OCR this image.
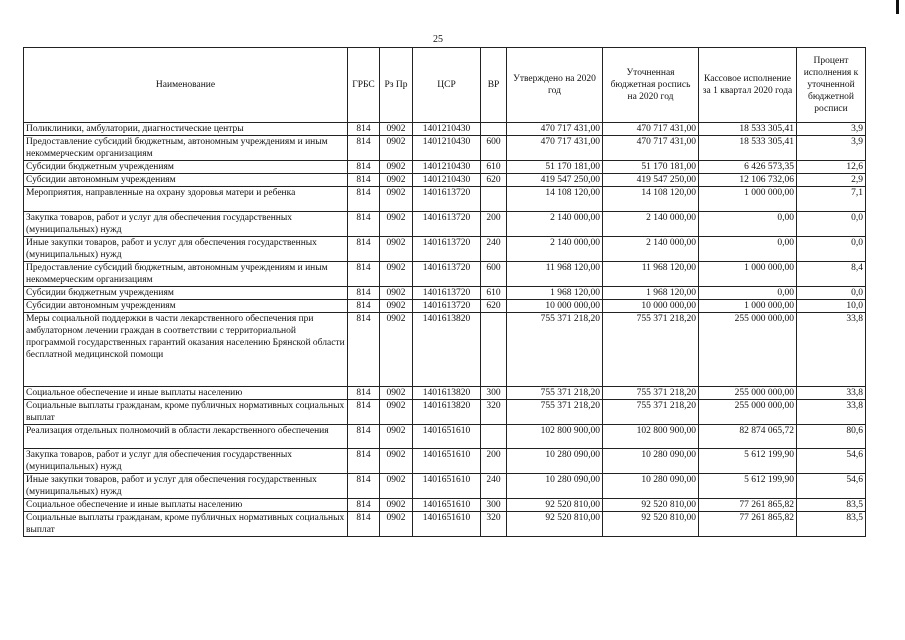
25
Наименование	ГРБС	Рз Пр	ЦСР	ВР	Утверждено на 2020 год	Уточненная бюджетная роспись на 2020 год	Кассовое исполнение за 1 квартал 2020 года	Процент исполнения к уточненной бюджетной росписи
Поликлиники, амбулатории, диагностические центры	814	0902	1401210430		470 717 431,00	470 717 431,00	18 533 305,41	3,9
Предоставление субсидий бюджетным, автономным учреждениям и иным некоммерческим организациям	814	0902	1401210430	600	470 717 431,00	470 717 431,00	18 533 305,41	3,9
Субсидии бюджетным учреждениям	814	0902	1401210430	610	51 170 181,00	51 170 181,00	6 426 573,35	12,6
Субсидии автономным учреждениям	814	0902	1401210430	620	419 547 250,00	419 547 250,00	12 106 732,06	2,9
Мероприятия, направленные на охрану здоровья матери и ребенка	814	0902	1401613720		14 108 120,00	14 108 120,00	1 000 000,00	7,1
Закупка товаров, работ и услуг для обеспечения государственных (муниципальных) нужд	814	0902	1401613720	200	2 140 000,00	2 140 000,00	0,00	0,0
Иные закупки товаров, работ и услуг для обеспечения государственных (муниципальных) нужд	814	0902	1401613720	240	2 140 000,00	2 140 000,00	0,00	0,0
Предоставление субсидий бюджетным, автономным учреждениям и иным некоммерческим организациям	814	0902	1401613720	600	11 968 120,00	11 968 120,00	1 000 000,00	8,4
Субсидии бюджетным учреждениям	814	0902	1401613720	610	1 968 120,00	1 968 120,00	0,00	0,0
Субсидии автономным учреждениям	814	0902	1401613720	620	10 000 000,00	10 000 000,00	1 000 000,00	10,0
Меры социальной поддержки в части лекарственного обеспечения при амбулаторном лечении граждан в соответствии с территориальной программой государственных гарантий оказания населению Брянской области бесплатной медицинской помощи	814	0902	1401613820		755 371 218,20	755 371 218,20	255 000 000,00	33,8
Социальное обеспечение и иные выплаты населению	814	0902	1401613820	300	755 371 218,20	755 371 218,20	255 000 000,00	33,8
Социальные выплаты гражданам, кроме публичных нормативных социальных выплат	814	0902	1401613820	320	755 371 218,20	755 371 218,20	255 000 000,00	33,8
Реализация отдельных полномочий в области лекарственного обеспечения	814	0902	1401651610		102 800 900,00	102 800 900,00	82 874 065,72	80,6
Закупка товаров, работ и услуг для обеспечения государственных (муниципальных) нужд	814	0902	1401651610	200	10 280 090,00	10 280 090,00	5 612 199,90	54,6
Иные закупки товаров, работ и услуг для обеспечения государственных (муниципальных) нужд	814	0902	1401651610	240	10 280 090,00	10 280 090,00	5 612 199,90	54,6
Социальное обеспечение и иные выплаты населению	814	0902	1401651610	300	92 520 810,00	92 520 810,00	77 261 865,82	83,5
Социальные выплаты гражданам, кроме публичных нормативных социальных выплат	814	0902	1401651610	320	92 520 810,00	92 520 810,00	77 261 865,82	83,5
